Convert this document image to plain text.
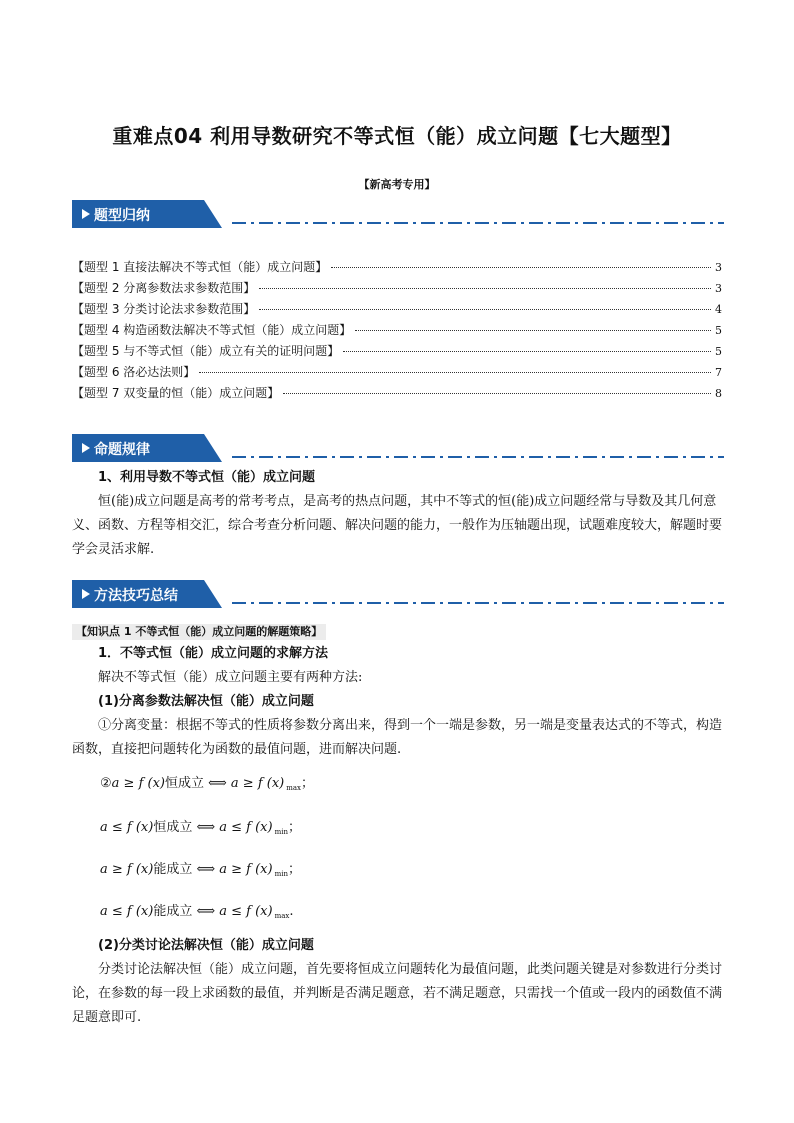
重难点04 利用导数研究不等式恒（能）成立问题【七大题型】
【新高考专用】
题型归纳
【题型 1 直接法解决不等式恒（能）成立问题】	3
【题型 2 分离参数法求参数范围】	3
【题型 3 分类讨论法求参数范围】	4
【题型 4 构造函数法解决不等式恒（能）成立问题】	5
【题型 5 与不等式恒（能）成立有关的证明问题】	5
【题型 6 洛必达法则】	7
【题型 7 双变量的恒（能）成立问题】	8
命题规律
1、利用导数不等式恒（能）成立问题
恒(能)成立问题是高考的常考考点，是高考的热点问题，其中不等式的恒(能)成立问题经常与导数及其几何意义、函数、方程等相交汇，综合考查分析问题、解决问题的能力，一般作为压轴题出现，试题难度较大，解题时要学会灵活求解.
方法技巧总结
【知识点 1 不等式恒（能）成立问题的解题策略】
1．不等式恒（能）成立问题的求解方法
解决不等式恒（能）成立问题主要有两种方法:
(1)分离参数法解决恒（能）成立问题
①分离变量：根据不等式的性质将参数分离出来，得到一个一端是参数，另一端是变量表达式的不等式，构造函数，直接把问题转化为函数的最值问题，进而解决问题.
②a ≥ f (x)恒成立 ⟺ a ≥ f (x) $_{max}$；
a ≤ f (x)恒成立 ⟺ a ≤ f (x) $_{min}$；
a ≥ f (x)能成立 ⟺ a ≥ f (x) $_{min}$；
a ≤ f (x)能成立 ⟺ a ≤ f (x) $_{max}$.
(2)分类讨论法解决恒（能）成立问题
分类讨论法解决恒（能）成立问题，首先要将恒成立问题转化为最值问题，此类问题关键是对参数进行分类讨论，在参数的每一段上求函数的最值，并判断是否满足题意，若不满足题意，只需找一个值或一段内的函数值不满足题意即可.
